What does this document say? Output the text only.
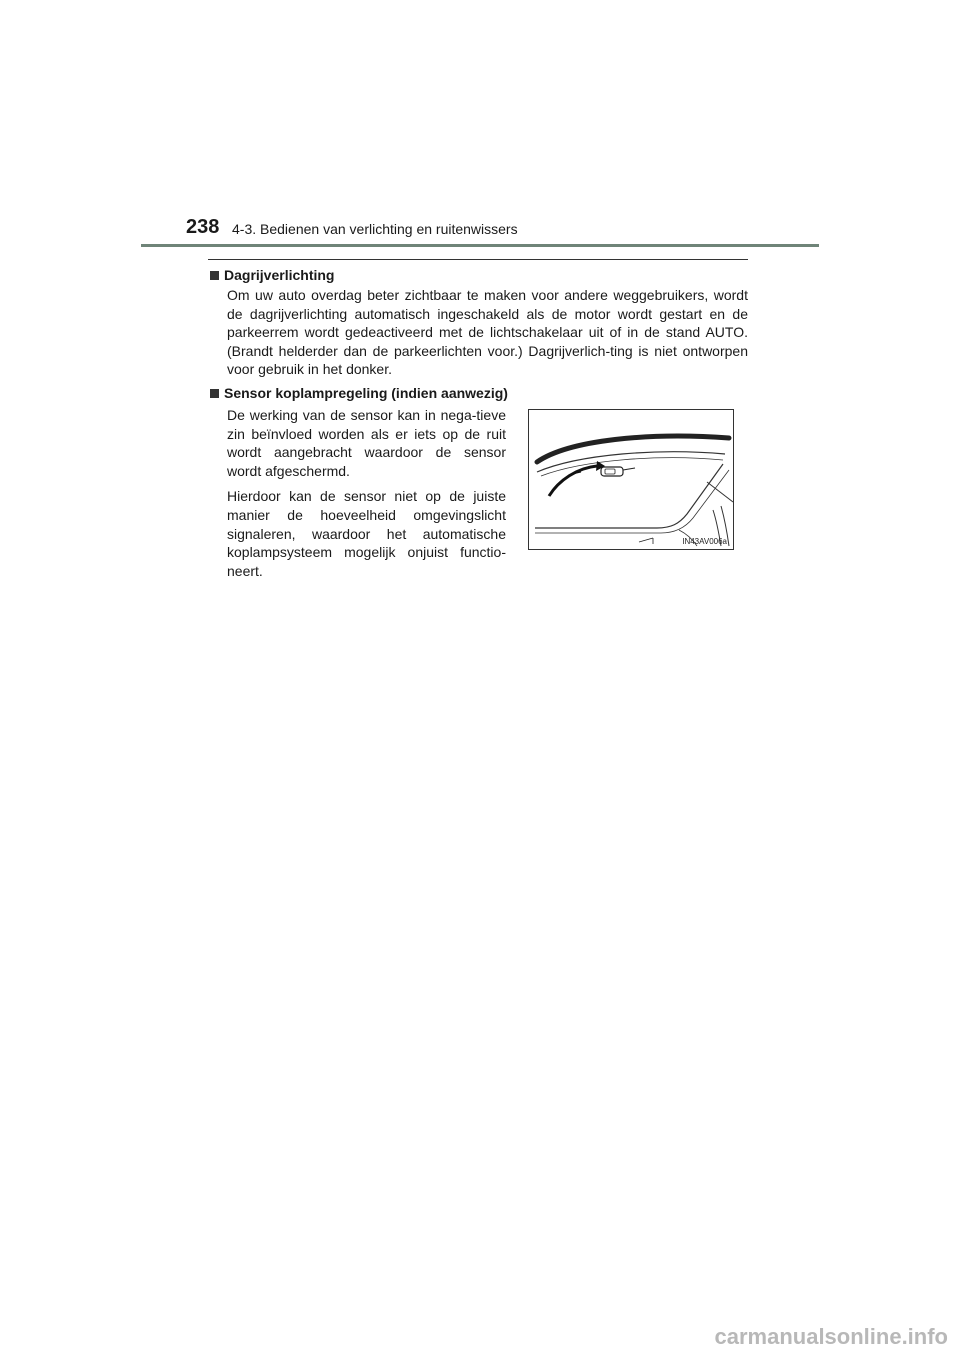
238 4-3. Bedienen van verlichting en ruitenwissers
Dagrijverlichting

Om uw auto overdag beter zichtbaar te maken voor andere weggebruikers, wordt de dagrijverlichting automatisch ingeschakeld als de motor wordt gestart en de parkeerrem wordt gedeactiveerd met de lichtschakelaar uit of in de stand AUTO. (Brandt helderder dan de parkeerlichten voor.) Dagrijverlich-ting is niet ontworpen voor gebruik in het donker.

Sensor koplampregeling (indien aanwezig)

De werking van de sensor kan in nega-tieve zin beïnvloed worden als er iets op de ruit wordt aangebracht waardoor de sensor wordt afgeschermd.

Hierdoor kan de sensor niet op de juiste manier de hoeveelheid omgevingslicht signaleren, waardoor het automatische koplampsysteem mogelijk onjuist functio-neert.

IN43AV006a
carmanualsonline.info
